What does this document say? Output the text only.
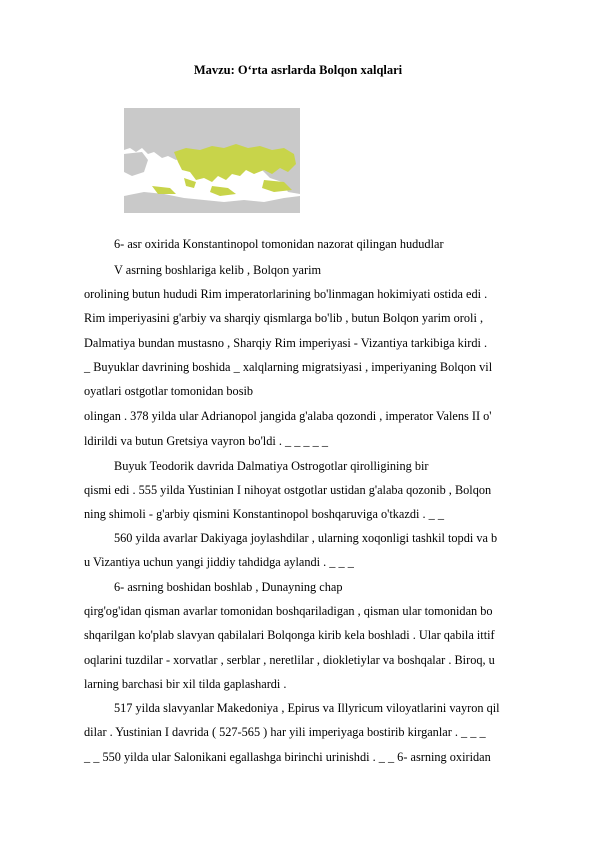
Mavzu: O‘rta asrlarda Bolqon xalqlari
6- asr oxirida Konstantinopol tomonidan nazorat qilingan hududlar
V asrning boshlariga kelib , Bolqon yarim
orolining butun hududi Rim imperatorlarining bo'linmagan hokimiyati ostida edi .
Rim imperiyasini g'arbiy va sharqiy qismlarga bo'lib , butun Bolqon yarim oroli ,
Dalmatiya bundan mustasno , Sharqiy Rim imperiyasi - Vizantiya tarkibiga kirdi .
_ Buyuklar davrining boshida _ xalqlarning migratsiyasi , imperiyaning Bolqon vil
oyatlari ostgotlar tomonidan bosib
olingan . 378 yilda ular Adrianopol jangida g'alaba qozondi , imperator Valens II o'
ldirildi va butun Gretsiya vayron bo'ldi . _ _ _ _ _
Buyuk Teodorik davrida Dalmatiya Ostrogotlar qirolligining bir
qismi edi . 555 yilda Yustinian I nihoyat ostgotlar ustidan g'alaba qozonib , Bolqon
ning shimoli - g'arbiy qismini Konstantinopol boshqaruviga o'tkazdi . _ _
560 yilda avarlar Dakiyaga joylashdilar , ularning xoqonligi tashkil topdi va b
u Vizantiya uchun yangi jiddiy tahdidga aylandi . _ _ _
6- asrning boshidan boshlab , Dunayning chap
qirg'og'idan qisman avarlar tomonidan boshqariladigan , qisman ular tomonidan bo
shqarilgan ko'plab slavyan qabilalari Bolqonga kirib kela boshladi . Ular qabila ittif
oqlarini tuzdilar - xorvatlar , serblar , neretlilar , diokletiylar va boshqalar . Biroq, u
larning barchasi bir xil tilda gaplashardi .
517 yilda slavyanlar Makedoniya , Epirus va Illyricum viloyatlarini vayron qil
dilar . Yustinian I davrida ( 527-565 ) har yili imperiyaga bostirib kirganlar . _ _ _
_ _ 550 yilda ular Salonikani egallashga birinchi urinishdi . _ _ 6- asrning oxiridan
